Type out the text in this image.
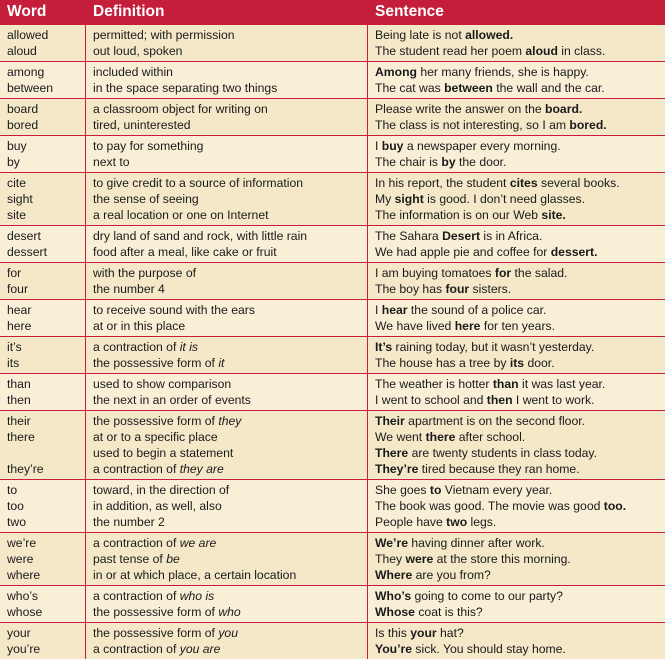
Word	Definition	Sentence
allowed
aloud
permitted; with permission
out loud, spoken
Being late is not allowed.
The student read her poem aloud in class.
among
between
included within
in the space separating two things
Among her many friends, she is happy.
The cat was between the wall and the car.
board
bored
a classroom object for writing on
tired, uninterested
Please write the answer on the board.
The class is not interesting, so I am bored.
buy
by
to pay for something
next to
I buy a newspaper every morning.
The chair is by the door.
cite
sight
site
to give credit to a source of information
the sense of seeing
a real location or one on Internet
In his report, the student cites several books.
My sight is good. I don’t need glasses.
The information is on our Web site.
desert
dessert
dry land of sand and rock, with little rain
food after a meal, like cake or fruit
The Sahara Desert is in Africa.
We had apple pie and coffee for dessert.
for
four
with the purpose of
the number 4
I am buying tomatoes for the salad.
The boy has four sisters.
hear
here
to receive sound with the ears
at or in this place
I hear the sound of a police car.
We have lived here for ten years.
it’s
its
a contraction of it is
the possessive form of it
It’s raining today, but it wasn’t yesterday.
The house has a tree by its door.
than
then
used to show comparison
the next in an order of events
The weather is hotter than it was last year.
I went to school and then I went to work.
their
there

they’re
the possessive form of they
at or to a specific place
used to begin a statement
a contraction of they are
Their apartment is on the second floor.
We went there after school.
There are twenty students in class today.
They’re tired because they ran home.
to
too
two
toward, in the direction of
in addition, as well, also
the number 2
She goes to Vietnam every year.
The book was good. The movie was good too.
People have two legs.
we’re
were
where
a contraction of we are
past tense of be
in or at which place, a certain location
We’re having dinner after work.
They were at the store this morning.
Where are you from?
who’s
whose
a contraction of who is
the possessive form of who
Who’s going to come to our party?
Whose coat is this?
your
you’re
the possessive form of you
a contraction of you are
Is this your hat?
You’re sick. You should stay home.
